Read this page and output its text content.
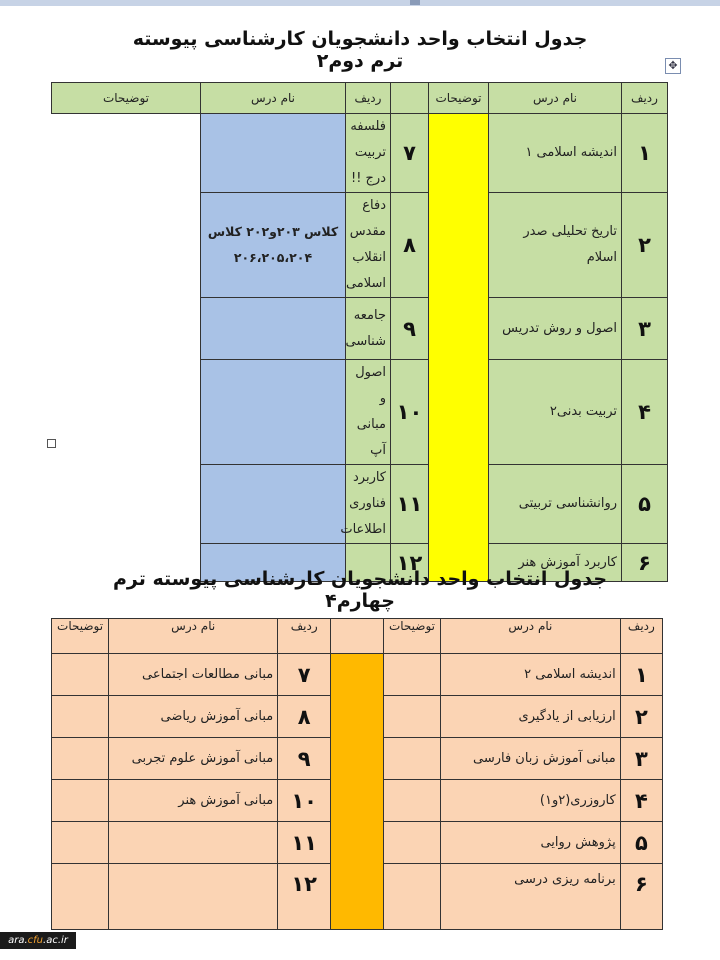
✥
جدول انتخاب واحد دانشجویان کارشناسی پیوسته ترم دوم۲
ردیف	نام درس	توضیحات		ردیف	نام درس	توضیحات
۱	اندیشه اسلامی ۱		۷	فلسفه تربیت درج !!		
۲	تاریخ تحلیلی صدر اسلام		۸	دفاع مقدس انقلاب اسلامی	کلاس ۲۰۳و۲۰۲ کلاس ۲۰۶،۲۰۵،۲۰۴	
۳	اصول و روش تدریس		۹	جامعه شناسی		
۴	تربیت بدنی۲		۱۰	اصول و مبانی آپ		
۵	روانشناسی تربیتی		۱۱	کاربرد فناوری اطلاعات		
۶	کاربرد آموزش هنر		۱۲			
جدول انتخاب واحد دانشجویان کارشناسی پیوسته ترم چهارم۴
ردیف	نام درس	توضیحات		ردیف	نام درس	توضیحات
۱	اندیشه اسلامی ۲			۷	مبانی مطالعات اجتماعی	
۲	ارزیابی از یادگیری			۸	مبانی آموزش ریاضی	
۳	مبانی آموزش زبان فارسی			۹	مبانی آموزش علوم تجربی	
۴	کاروزری(۲و۱)			۱۰	مبانی آموزش هنر	
۵	پژوهش روایی			۱۱		
۶	برنامه ریزی درسی			۱۲		
ara.cfu.ac.ir
